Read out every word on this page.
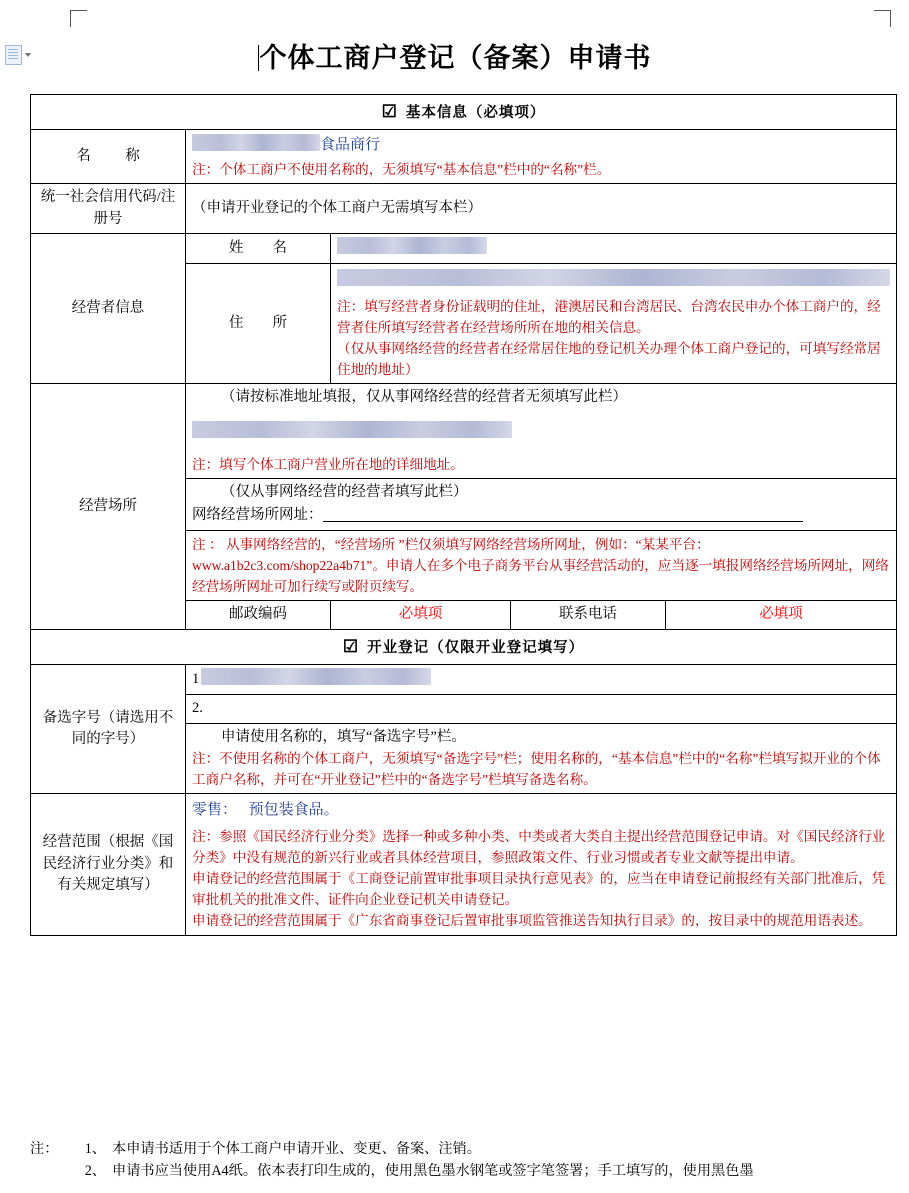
个体工商户登记（备案）申请书
☑ 基本信息（必填项）				
名　称	食品商行
注：个体工商户不使用名称的，无须填写“基本信息”栏中的“名称”栏。			

统一社会信用代码/注册号	（申请开业登记的个体工商户无需填写本栏）			
经营者信息	姓　　名			
	住　　所	注：填写经营者身份证载明的住址，港澳居民和台湾居民、台湾农民申办个体工商户的，经营者住所填写经营者在经营场所所在地的相关信息。
（仅从事网络经营的经营者在经常居住地的登记机关办理个体工商户登记的，可填写经常居住地的地址）		

经营场所	（请按标准地址填报，仅从事网络经营的经营者无须填写此栏）
注：填写个体工商户营业所在地的详细地址。			

	（仅从事网络经营的经营者填写此栏）
网络经营场所网址：			

	注 ： 从事网络经营的，“经营场所 ”栏仅须填写网络经营场所网址，例如：“某某平台：www.a1b2c3.com/shop22a4b71”。申请人在多个电子商务平台从事经营活动的，应当逐一填报网络经营场所网址，网络经营场所网址可加行续写或附页续写。			

	邮政编码	必填项	联系电话	必填项
☑ 开业登记（仅限开业登记填写）				
备选字号（请选用不同的字号）	1			
	2.			

	申请使用名称的，填写“备选字号”栏。
注：不使用名称的个体工商户，无须填写“备选字号”栏；使用名称的，“基本信息”栏中的“名称”栏填写拟开业的个体工商户名称，并可在“开业登记”栏中的“备选字号”栏填写备选名称。			

经营范围（根据《国民经济行业分类》和有关规定填写）	零售： 预包装食品。
注：参照《国民经济行业分类》选择一种或多种小类、中类或者大类自主提出经营范围登记申请。对《国民经济行业分类》中没有规范的新兴行业或者具体经营项目，参照政策文件、行业习惯或者专业文献等提出申请。
申请登记的经营范围属于《工商登记前置审批事项目录执行意见表》的，应当在申请登记前报经有关部门批准后，凭审批机关的批准文件、证件向企业登记机关申请登记。
申请登记的经营范围属于《广东省商事登记后置审批事项监管推送告知执行目录》的，按目录中的规范用语表述。			
注：	1、 本申请书适用于个体工商户申请开业、变更、备案、注销。
2、 申请书应当使用A4纸。依本表打印生成的，使用黑色墨水钢笔或签字笔签署；手工填写的，使用黑色墨
